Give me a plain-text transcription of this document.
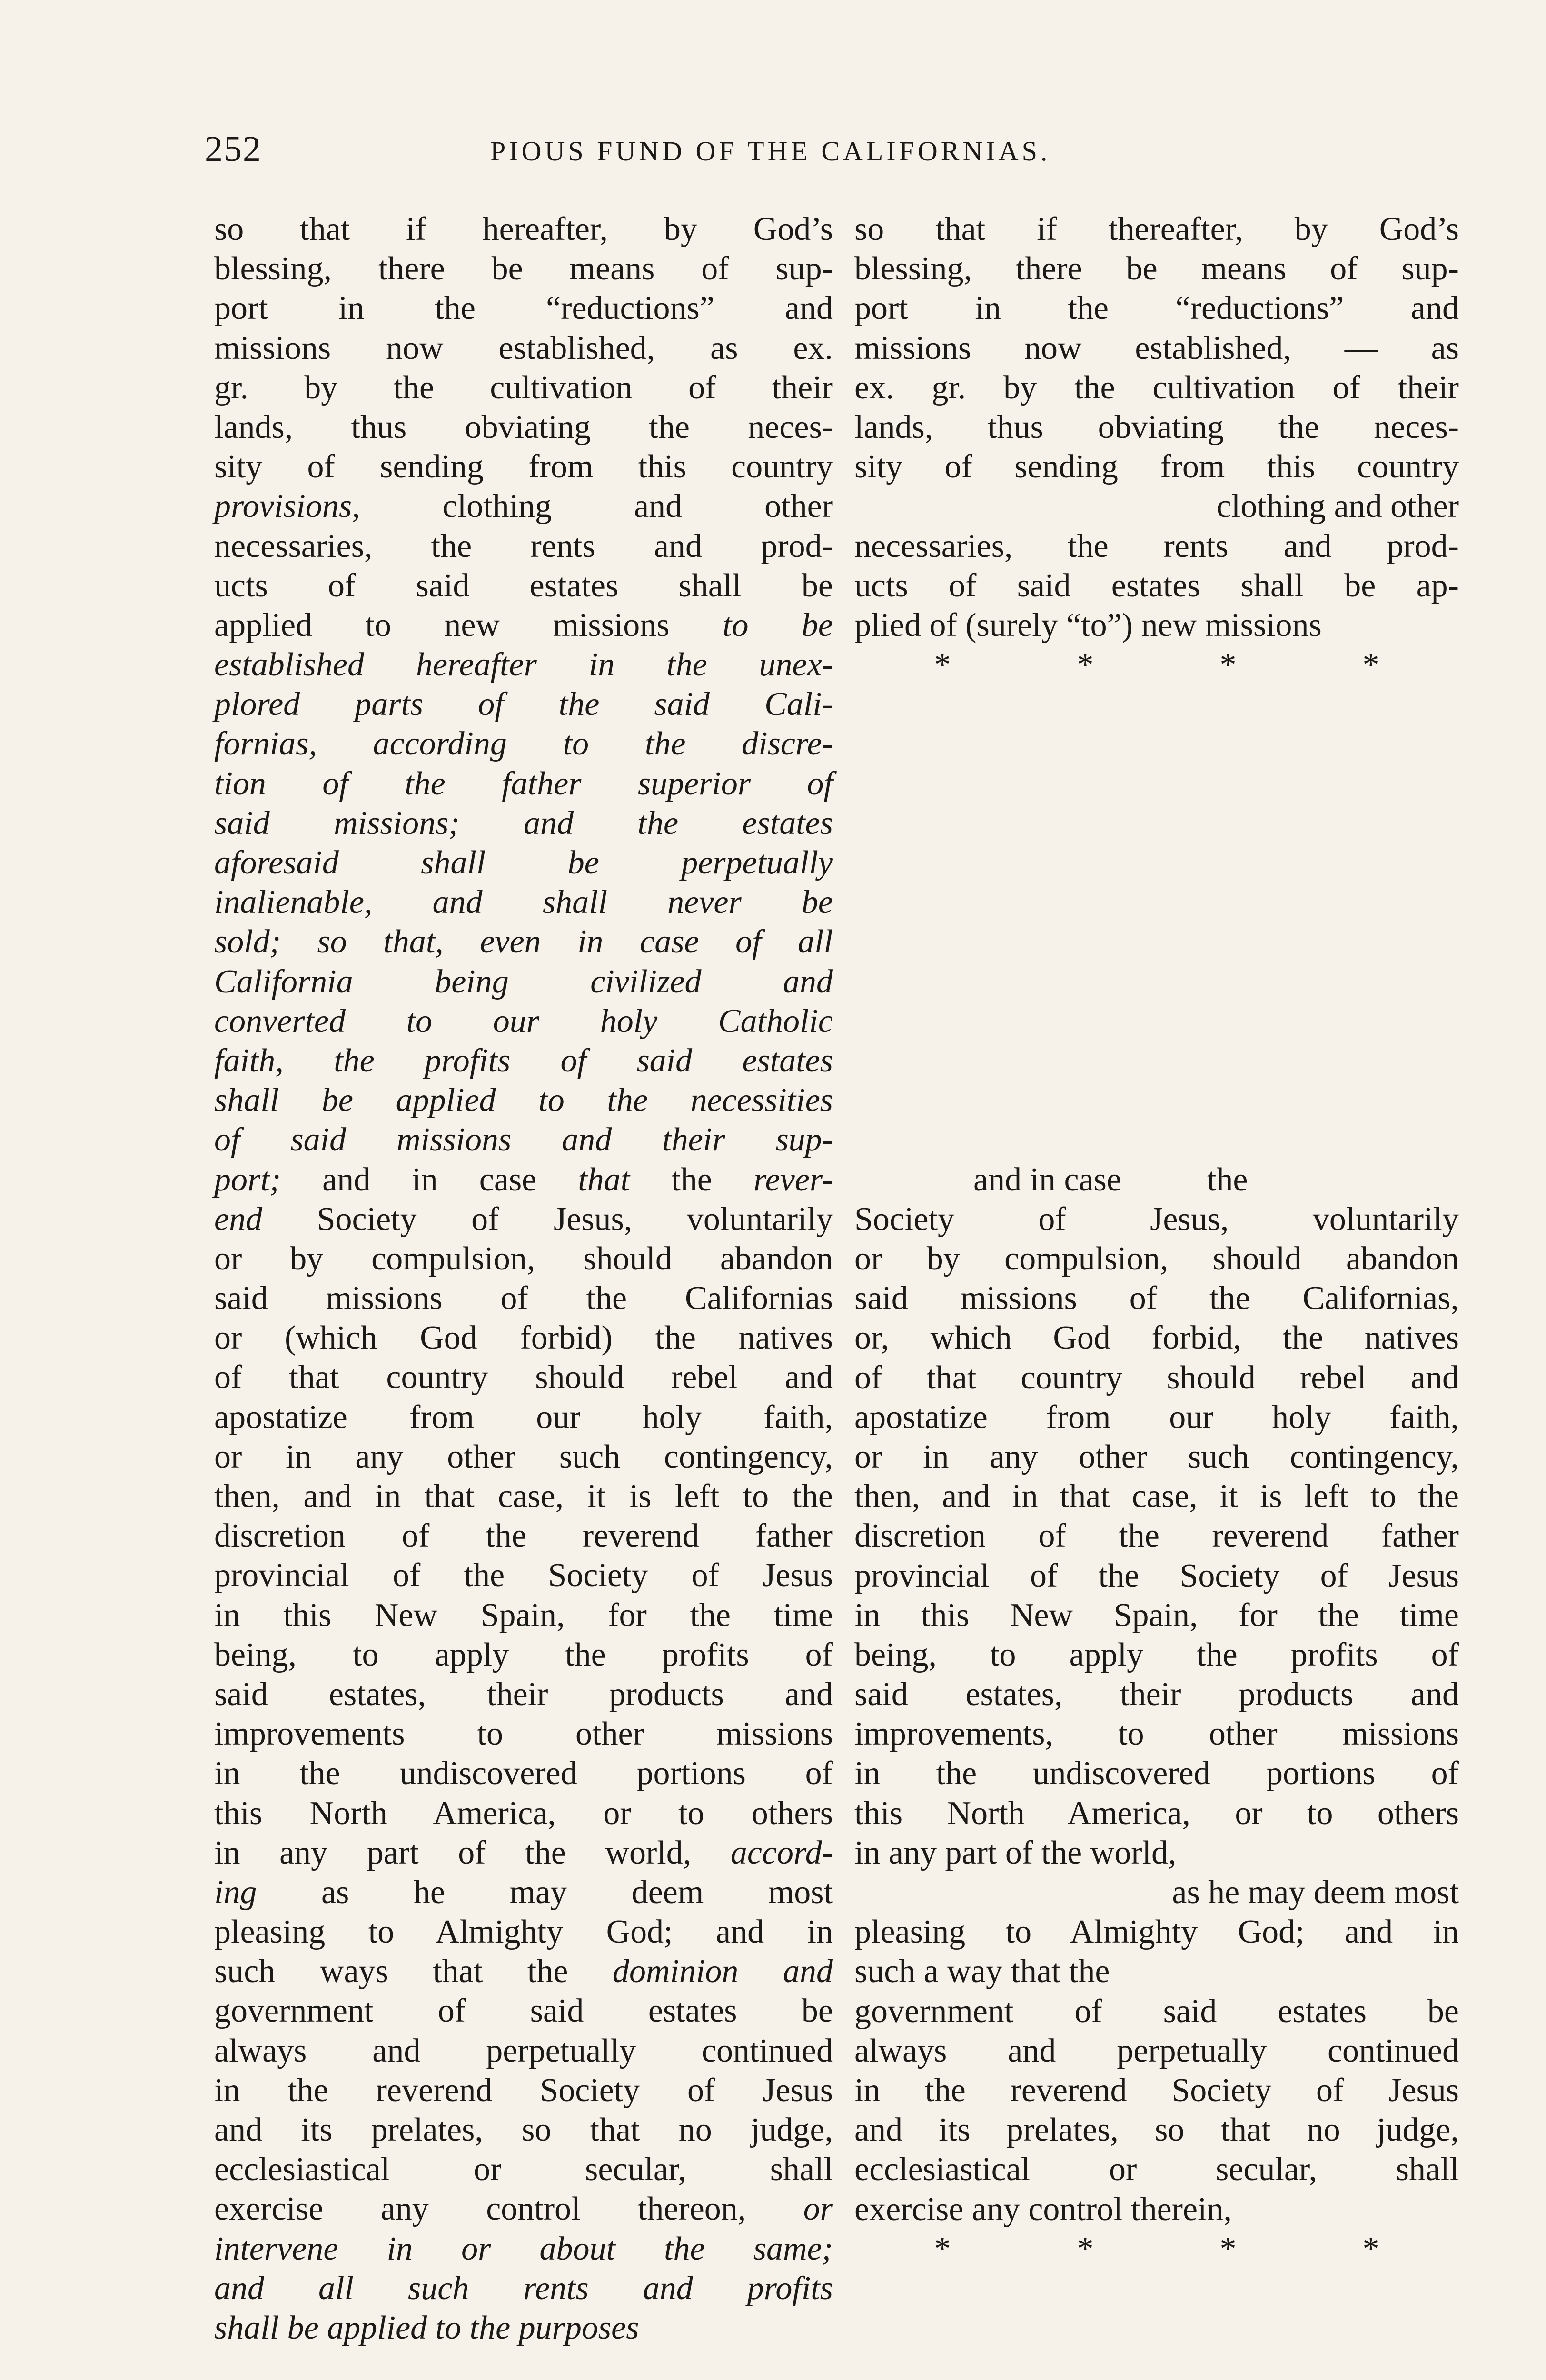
252	PIOUS FUND OF THE CALIFORNIAS.
so that if hereafter, by God’s
blessing, there be means of sup-
port in the “reductions” and
missions now established, as ex.
gr. by the cultivation of their
lands, thus obviating the neces-
sity of sending from this country
provisions, clothing and other
necessaries, the rents and prod-
ucts of said estates shall be
applied to new missions to be
established hereafter in the unex-
plored parts of the said Cali-
fornias, according to the discre-
tion of the father superior of
said missions; and the estates
aforesaid shall be perpetually
inalienable, and shall never be
sold; so that, even in case of all
California being civilized and
converted to our holy Catholic
faith, the profits of said estates
shall be applied to the necessities
of said missions and their sup-
port; and in case that the rever-
end Society of Jesus, voluntarily
or by compulsion, should abandon
said missions of the Californias
or (which God forbid) the natives
of that country should rebel and
apostatize from our holy faith,
or in any other such contingency,
then, and in that case, it is left to the
discretion of the reverend father
provincial of the Society of Jesus
in this New Spain, for the time
being, to apply the profits of
said estates, their products and
improvements to other missions
in the undiscovered portions of
this North America, or to others
in any part of the world, accord-
ing as he may deem most
pleasing to Almighty God; and in
such ways that the dominion and
government of said estates be
always and perpetually continued
in the reverend Society of Jesus
and its prelates, so that no judge,
ecclesiastical or secular, shall
exercise any control thereon, or
intervene in or about the same;
and all such rents and profits
shall be applied to the purposes
so that if thereafter, by God’s
blessing, there be means of sup-
port in the “reductions” and
missions now established, — as
ex. gr. by the cultivation of their
lands, thus obviating the neces-
sity of sending from this country
clothing and other
necessaries, the rents and prod-
ucts of said estates shall be ap-
plied of (surely “to”) new missions
*	*	*	*
and in case	the
Society of Jesus, voluntarily
or by compulsion, should abandon
said missions of the Californias,
or, which God forbid, the natives
of that country should rebel and
apostatize from our holy faith,
or in any other such contingency,
then, and in that case, it is left to the
discretion of the reverend father
provincial of the Society of Jesus
in this New Spain, for the time
being, to apply the profits of
said estates, their products and
improvements, to other missions
in the undiscovered portions of
this North America, or to others
in any part of the world,
as he may deem most
pleasing to Almighty God; and in
such a way that the
government of said estates be
always and perpetually continued
in the reverend Society of Jesus
and its prelates, so that no judge,
ecclesiastical or secular, shall
exercise any control therein,
*	*	*	*
